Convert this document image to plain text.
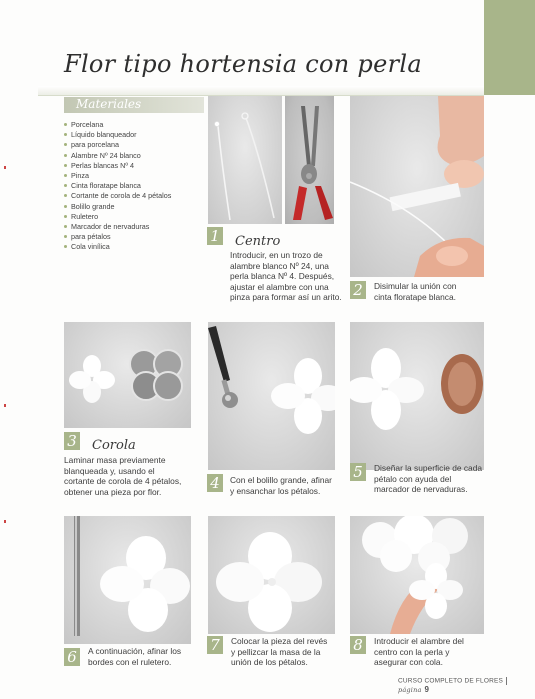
Flor tipo hortensia con perla
Materiales
Porcelana
Líquido blanqueador
para porcelana
Alambre Nº 24 blanco
Perlas blancas Nº 4
Pinza
Cinta floratape blanca
Cortante de corola de 4 pétalos
Bolillo grande
Ruletero
Marcador de nervaduras
para pétalos
Cola vinílica
1
2
3
4
5
6
7	8
Centro
Corola
Introducir, en un trozo de
alambre blanco Nº 24, una
perla blanca Nº 4. Después,
ajustar el alambre con una
pinza para formar así un arito.
Disimular la unión con
cinta floratape blanca.
Laminar masa previamente
blanqueada y, usando el
cortante de corola de 4 pétalos,
obtener una pieza por flor.
Con el bolillo grande, afinar
y ensanchar los pétalos.
Diseñar la superficie de cada
pétalo con ayuda del
marcador de nervaduras.
A continuación, afinar los
bordes con el ruletero.
Colocar la pieza del revés
y pellizcar la masa de la
unión de los pétalos.
Introducir el alambre del
centro con la perla y
asegurar con cola.
CURSO COMPLETO DE FLORESpágina 9
